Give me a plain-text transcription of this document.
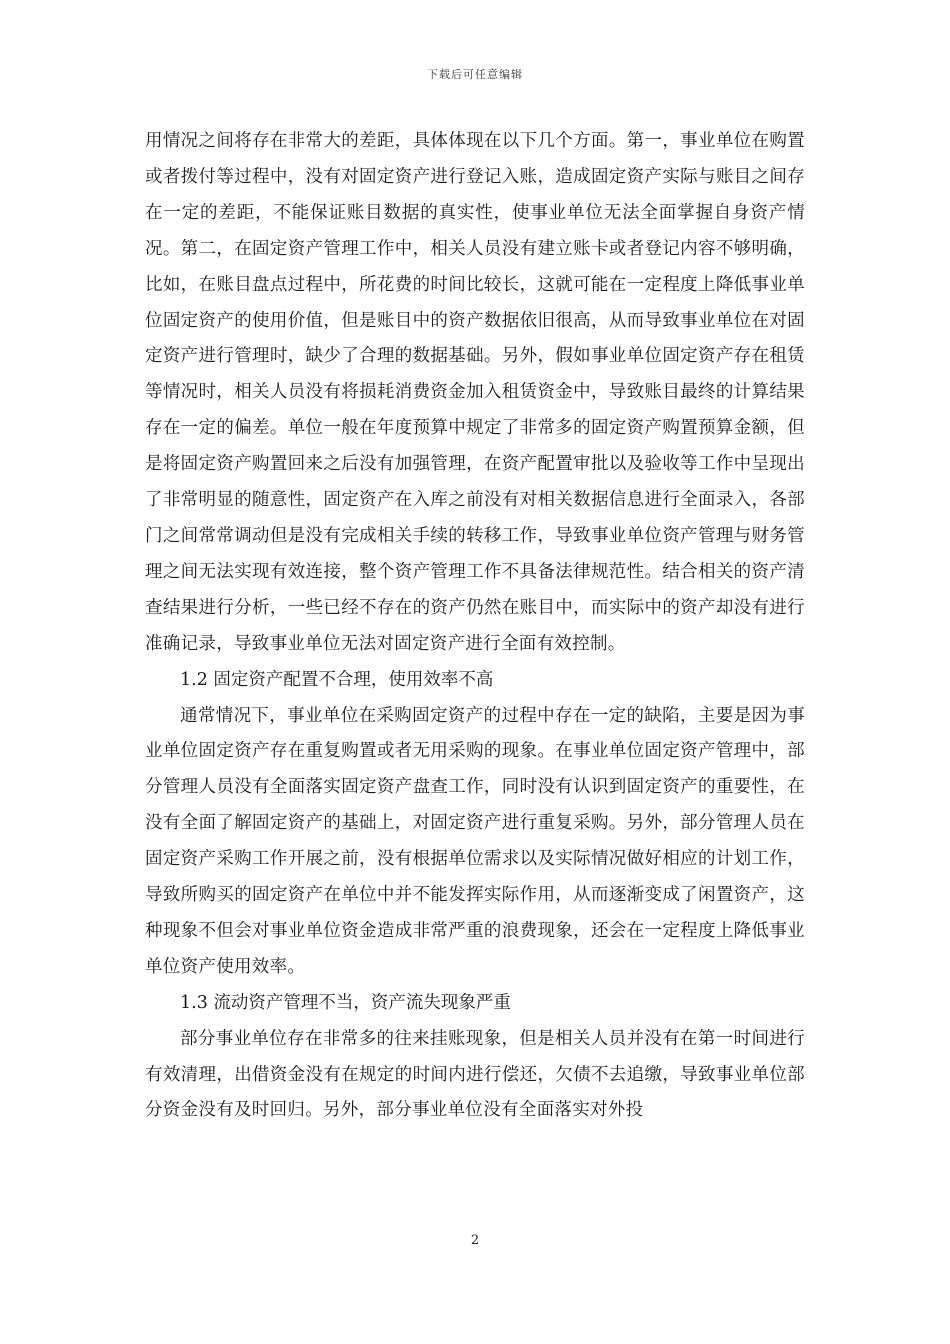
下载后可任意编辑

用情况之间将存在非常大的差距，具体体现在以下几个方面。第一，事业单位在购置或者拨付等过程中，没有对固定资产进行登记入账，造成固定资产实际与账目之间存在一定的差距，不能保证账目数据的真实性，使事业单位无法全面掌握自身资产情况。第二，在固定资产管理工作中，相关人员没有建立账卡或者登记内容不够明确，比如，在账目盘点过程中，所花费的时间比较长，这就可能在一定程度上降低事业单位固定资产的使用价值，但是账目中的资产数据依旧很高，从而导致事业单位在对固定资产进行管理时，缺少了合理的数据基础。另外，假如事业单位固定资产存在租赁等情况时，相关人员没有将损耗消费资金加入租赁资金中，导致账目最终的计算结果存在一定的偏差。单位一般在年度预算中规定了非常多的固定资产购置预算金额，但是将固定资产购置回来之后没有加强管理，在资产配置审批以及验收等工作中呈现出了非常明显的随意性，固定资产在入库之前没有对相关数据信息进行全面录入，各部门之间常常调动但是没有完成相关手续的转移工作，导致事业单位资产管理与财务管理之间无法实现有效连接，整个资产管理工作不具备法律规范性。结合相关的资产清查结果进行分析，一些已经不存在的资产仍然在账目中，而实际中的资产却没有进行准确记录，导致事业单位无法对固定资产进行全面有效控制。

1.2 固定资产配置不合理，使用效率不高

通常情况下，事业单位在采购固定资产的过程中存在一定的缺陷，主要是因为事业单位固定资产存在重复购置或者无用采购的现象。在事业单位固定资产管理中，部分管理人员没有全面落实固定资产盘查工作，同时没有认识到固定资产的重要性，在没有全面了解固定资产的基础上，对固定资产进行重复采购。另外，部分管理人员在固定资产采购工作开展之前，没有根据单位需求以及实际情况做好相应的计划工作，导致所购买的固定资产在单位中并不能发挥实际作用，从而逐渐变成了闲置资产，这种现象不但会对事业单位资金造成非常严重的浪费现象，还会在一定程度上降低事业单位资产使用效率。

1.3 流动资产管理不当，资产流失现象严重

部分事业单位存在非常多的往来挂账现象，但是相关人员并没有在第一时间进行有效清理，出借资金没有在规定的时间内进行偿还，欠债不去追缴，导致事业单位部分资金没有及时回归。另外，部分事业单位没有全面落实对外投

2
